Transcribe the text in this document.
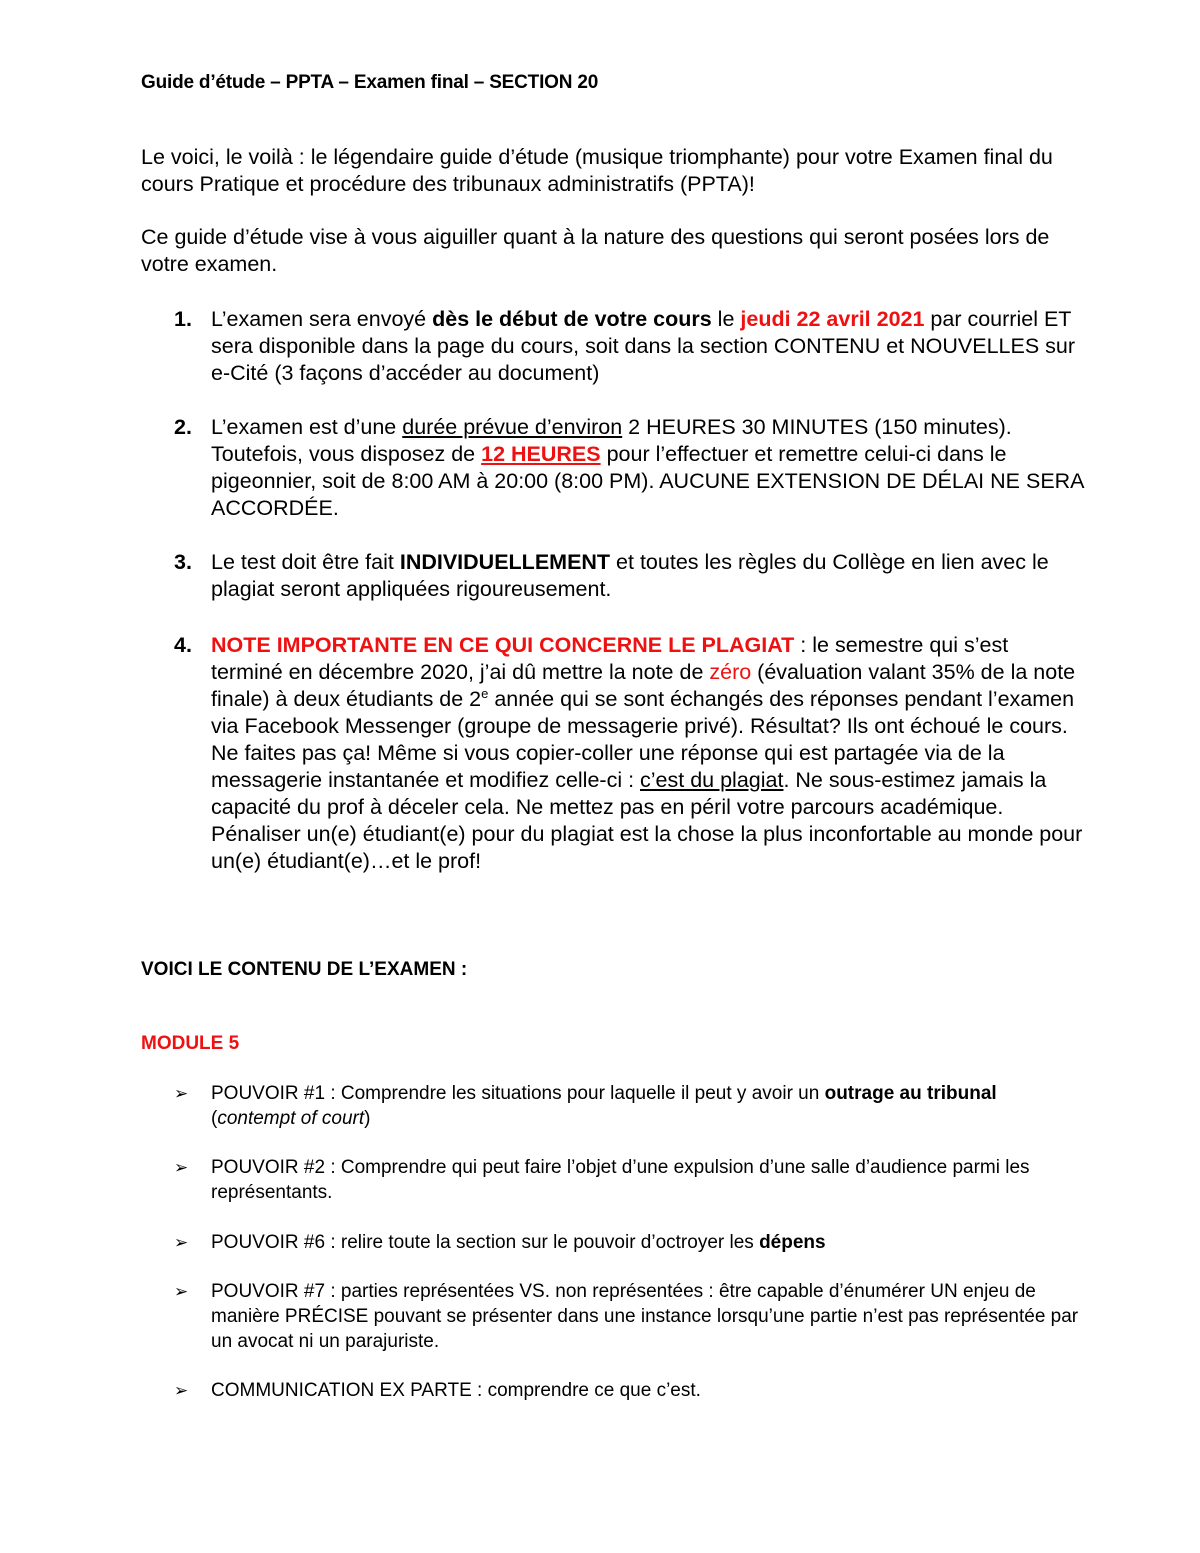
Guide d’étude – PPTA – Examen final – SECTION 20
Le voici, le voilà : le légendaire guide d’étude (musique triomphante) pour votre Examen final du cours Pratique et procédure des tribunaux administratifs (PPTA)!
Ce guide d’étude vise à vous aiguiller quant à la nature des questions qui seront posées lors de votre examen.
1. L’examen sera envoyé dès le début de votre cours le jeudi 22 avril 2021 par courriel ET sera disponible dans la page du cours, soit dans la section CONTENU et NOUVELLES sur e-Cité (3 façons d’accéder au document)
2. L’examen est d’une durée prévue d’environ 2 HEURES 30 MINUTES (150 minutes). Toutefois, vous disposez de 12 HEURES pour l’effectuer et remettre celui-ci dans le pigeonnier, soit de 8:00 AM à 20:00 (8:00 PM). AUCUNE EXTENSION DE DÉLAI NE SERA ACCORDÉE.
3. Le test doit être fait INDIVIDUELLEMENT et toutes les règles du Collège en lien avec le plagiat seront appliquées rigoureusement.
4. NOTE IMPORTANTE EN CE QUI CONCERNE LE PLAGIAT : le semestre qui s’est terminé en décembre 2020, j’ai dû mettre la note de zéro (évaluation valant 35% de la note finale) à deux étudiants de 2e année qui se sont échangés des réponses pendant l’examen via Facebook Messenger (groupe de messagerie privé). Résultat? Ils ont échoué le cours. Ne faites pas ça! Même si vous copier-coller une réponse qui est partagée via de la messagerie instantanée et modifiez celle-ci : c’est du plagiat. Ne sous-estimez jamais la capacité du prof à déceler cela. Ne mettez pas en péril votre parcours académique. Pénaliser un(e) étudiant(e) pour du plagiat est la chose la plus inconfortable au monde pour un(e) étudiant(e)…et le prof!
VOICI LE CONTENU DE L’EXAMEN :
MODULE 5
➢ POUVOIR #1 : Comprendre les situations pour laquelle il peut y avoir un outrage au tribunal (contempt of court)
➢ POUVOIR #2 : Comprendre qui peut faire l’objet d’une expulsion d’une salle d’audience parmi les représentants.
➢ POUVOIR #6 : relire toute la section sur le pouvoir d’octroyer les dépens
➢ POUVOIR #7 : parties représentées VS. non représentées : être capable d’énumérer UN enjeu de manière PRÉCISE pouvant se présenter dans une instance lorsqu’une partie n’est pas représentée par un avocat ni un parajuriste.
➢ COMMUNICATION EX PARTE : comprendre ce que c’est.
